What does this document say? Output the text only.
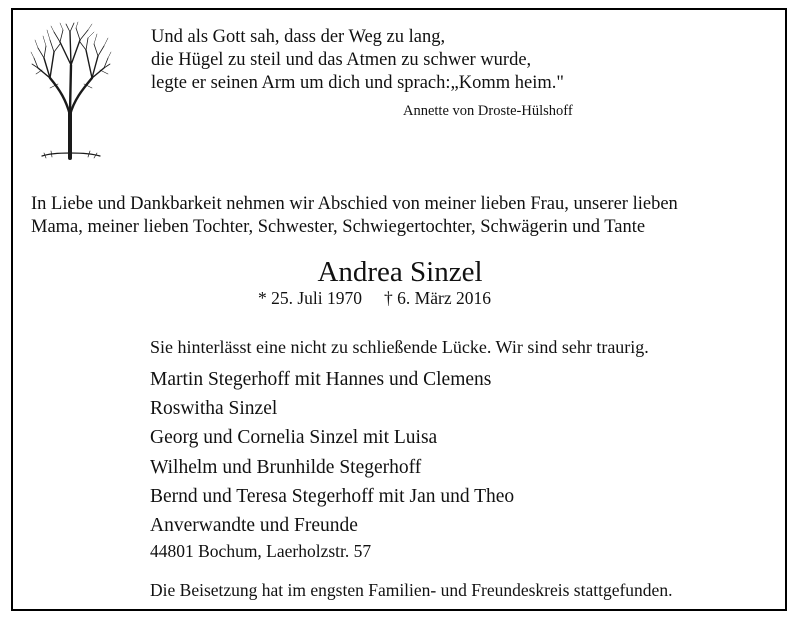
Und als Gott sah, dass der Weg zu lang,
die Hügel zu steil und das Atmen zu schwer wurde,
legte er seinen Arm um dich und sprach:„Komm heim."
Annette von Droste-Hülshoff
In Liebe und Dankbarkeit nehmen wir Abschied von meiner lieben Frau, unserer lieben
Mama, meiner lieben Tochter, Schwester, Schwiegertochter, Schwägerin und Tante
Andrea Sinzel
* 25. Juli 1970 † 6. März 2016
Sie hinterlässt eine nicht zu schließende Lücke. Wir sind sehr traurig.
Martin Stegerhoff mit Hannes und Clemens
Roswitha Sinzel
Georg und Cornelia Sinzel mit Luisa
Wilhelm und Brunhilde Stegerhoff
Bernd und Teresa Stegerhoff mit Jan und Theo
Anverwandte und Freunde
44801 Bochum, Laerholzstr. 57
Die Beisetzung hat im engsten Familien- und Freundeskreis stattgefunden.
